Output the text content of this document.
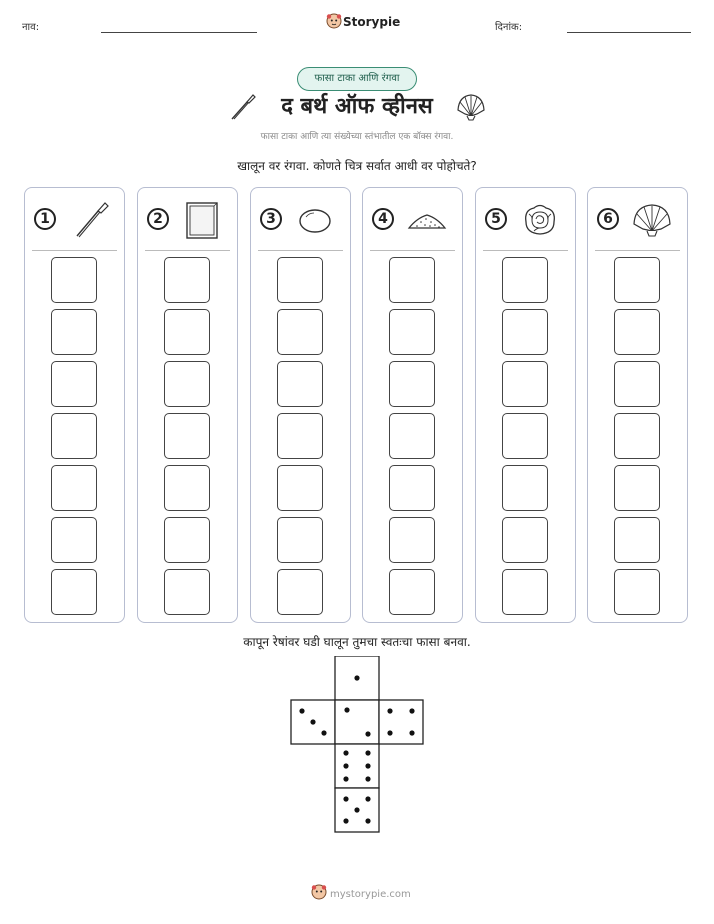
नाव:	Storypie	दिनांक:
फासा टाका आणि रंगवा
द बर्थ ऑफ व्हीनस
फासा टाका आणि त्या संख्येच्या स्तंभातील एक बॉक्स रंगवा.
खालून वर रंगवा. कोणते चित्र सर्वात आधी वर पोहोचते?
1	2	3	4	5	6
कापून रेषांवर घडी घालून तुमचा स्वतःचा फासा बनवा.
mystorypie.com
